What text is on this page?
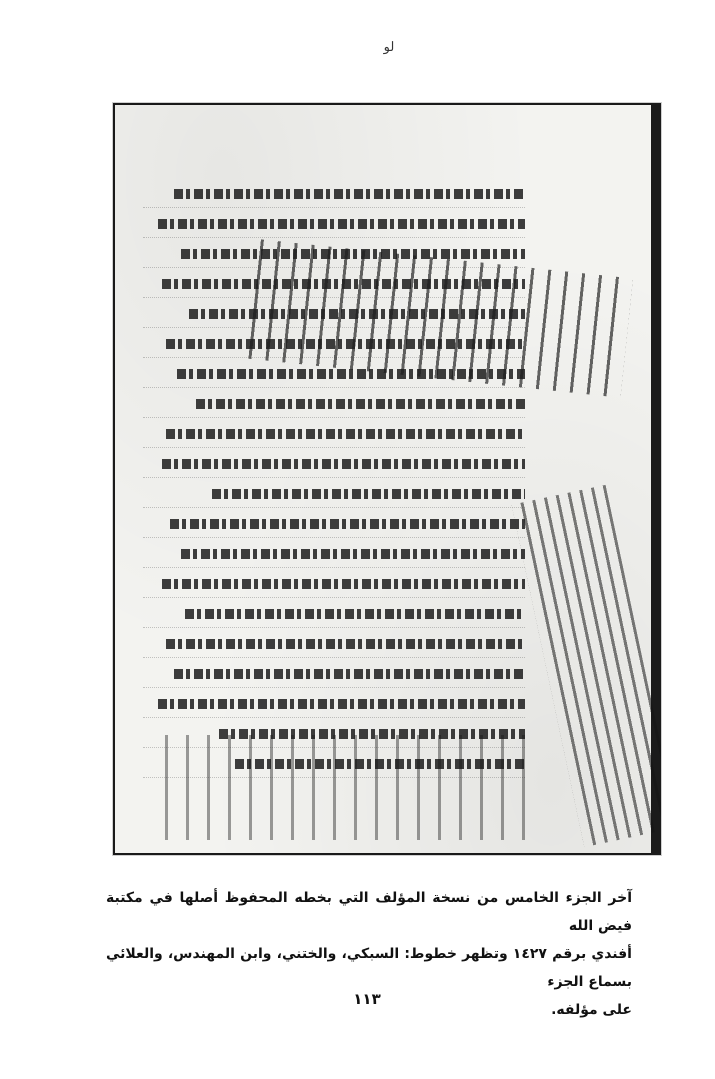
لو
آخر الجزء الخامس من نسخة المؤلف التي بخطه المحفوظ أصلها في مكتبة فيض الله
أفندي برقم ١٤٢٧ وتظهر خطوط: السبكي، والختني، وابن المهندس، والعلائي بسماع الجزء
على مؤلفه.
١١٣
